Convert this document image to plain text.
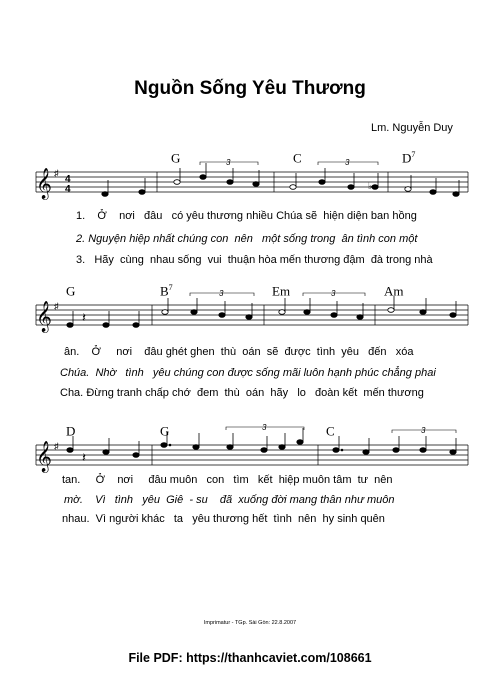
Nguồn Sống Yêu Thương
Lm. Nguyễn Duy
G	C	$D^7$
𝄞 ♯
4
4	♭
3	3
1. Ở nơi đâu có yêu thương nhiều Chúa sẽ hiện diện ban hồng
2. Nguyện hiệp nhất chúng con nên một sống trong ân tình con một
3. Hãy cùng nhau sống vui thuận hòa mến thương đậm đà trong nhà
G	$B^7$	Em	Am
𝄞 ♯
𝄽
3	3
ân. Ở nơi đâu ghét ghen thù oán sẽ được tình yêu đến xóa
Chúa. Nhờ tình yêu chúng con được sống mãi luôn hạnh phúc chẳng phai
Cha. Đừng tranh chấp chớ đem thù oán hãy lo đoàn kết mến thương
D	G	C
𝄞 ♯
𝄽
3	3
tan. Ở nơi đâu muôn con tìm kết hiệp muôn tâm tư nên
mờ. Vì tình yêu Giê - su đã xuống đời mang thân như muôn
nhau. Vì người khác ta yêu thương hết tình nên hy sinh quên
Imprimatur - TGp. Sài Gòn: 22.8.2007
File PDF: https://thanhcaviet.com/108661
